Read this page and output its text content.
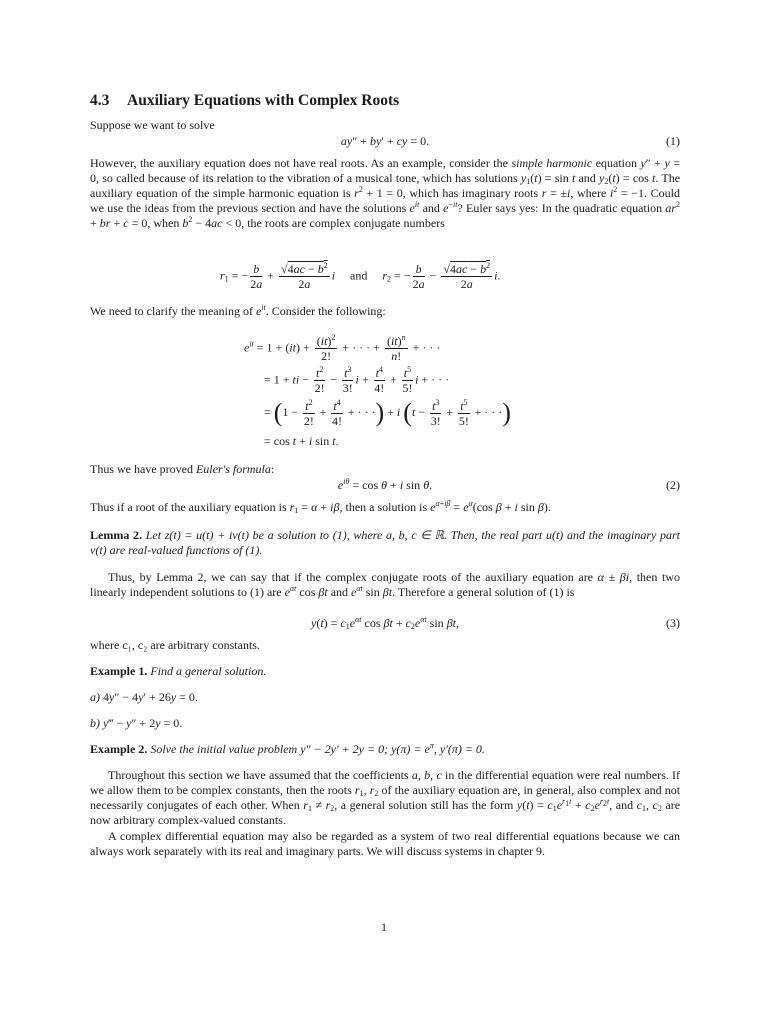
4.3 Auxiliary Equations with Complex Roots
Suppose we want to solve
ay″ + by′ + cy = 0.	(1)
However, the auxiliary equation does not have real roots. As an example, consider the simple harmonic equation y″ + y = 0, so called because of its relation to the vibration of a musical tone, which has solutions $y_1(t) = \sin t$ and $y_2(t) = \cos t$. The auxiliary equation of the simple harmonic equation is $r^2 + 1 = 0$, which has imaginary roots r = ±i, where $i^2 = -1$. Could we use the ideas from the previous section and have the solutions $e^{it}$ and $e^{-it}$? Euler says yes: In the quadratic equation $ar^2$ + br + c = 0, when $b^2 - 4ac < 0$, the roots are complex conjugate numbers
$r_1$ = − $\frac{b}{2a} + \frac{√4ac - b^2}{2a}$ i and $r_2$ = − $\frac{b}{2a} - \frac{√4ac - b^2}{2a} i$.
We need to clarify the meaning of $e^{it}$. Consider the following:
$e^{it} = 1 + (it) + \frac{(it)^2}{2!}$ + · · · + $\frac{(it)^n}{n!}$ + · · ·
= 1 + ti − $\frac{t^2}{2!} - \frac{t^3}{3!}$ $i + \frac{t^4}{4!} + \frac{t^5}{5!}$ i + · · ·
= ($1 - \frac{t^2}{2!} + \frac{t^4}{4!}$ + · · ·) + i ($t - \frac{t^3}{3!} + \frac{t^5}{5!}$ + · · ·)
= cos t + i sin t.
Thus we have proved Euler's formula:
$e^{i\theta} = \cos \theta + i$ sin θ.	(2)
Thus if a root of the auxiliary equation is $r_1 = \alpha + i\beta$, then a solution is $e^{\alpha+i\beta} = e^\alpha(\cos$ β + i sin β).
Lemma 2. Let z(t) = u(t) + iv(t) be a solution to (1), where a, b, c ∈ ℝ. Then, the real part u(t) and the imaginary part v(t) are real-valued functions of (1).
Thus, by Lemma 2, we can say that if the complex conjugate roots of the auxiliary equation are α ± βi, then two linearly independent solutions to (1) are $e^{\alpha t}$ cos βt and $e^{\alpha t}$ sin βt. Therefore a general solution of (1) is
$y(t) = c_1e^{\alpha t}$ $\cos \beta t + c_2e^{\alpha t}$ sin βt,	(3)
where c₁, c₂ are arbitrary constants.
Example 1. Find a general solution.
a) 4y″ − 4y′ + 26y = 0.
b) y‴ − y″ + 2y = 0.
Example 2. Solve the initial value problem y″ − 2y′ + 2y = 0; $y(\pi) = e^\pi$, y′(π) = 0.
Throughout this section we have assumed that the coefficients a, b, c in the differential equation were real numbers. If we allow them to be complex constants, then the roots $r_1$, $r_2$ of the auxiliary equation are, in general, also complex and not necessarily conjugates of each other. When $r_1 \ne r_2$, a general solution still has the form $y(t) = c_1e^{r_1t} + c_2e^{r_2t}$, and $c_1$, $c_2$ are now arbitrary complex-valued constants.
A complex differential equation may also be regarded as a system of two real differential equations because we can always work separately with its real and imaginary parts. We will discuss systems in chapter 9.
1
